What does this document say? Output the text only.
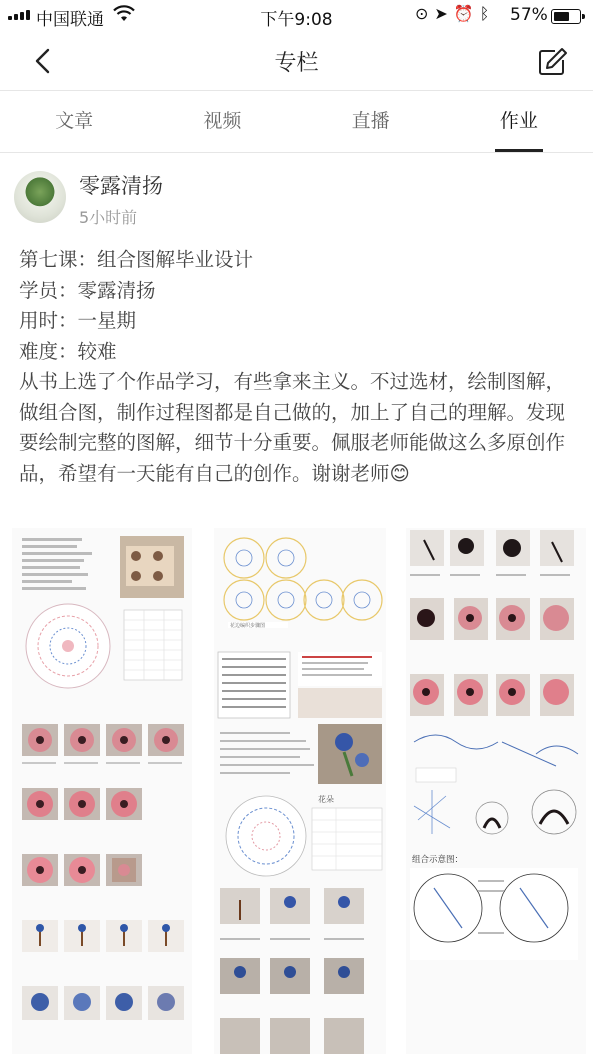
中国联通	下午9:08	⊙➤⏰ᛒ 57%
专栏
文章	视频	直播	作业
零露清扬
5小时前

第七课：组合图解毕业设计

学员：零露清扬

用时：一星期

难度：较难

从书上选了个作品学习，有些拿来主义。不过选材，绘制图解，做组合图，制作过程图都是自己做的，加上了自己的理解。发现要绘制完整的图解，细节十分重要。佩服老师能做这么多原创作品，希望有一天能有自己的创作。谢谢老师😊

花边编织步骤图
花朵
组合示意图：
